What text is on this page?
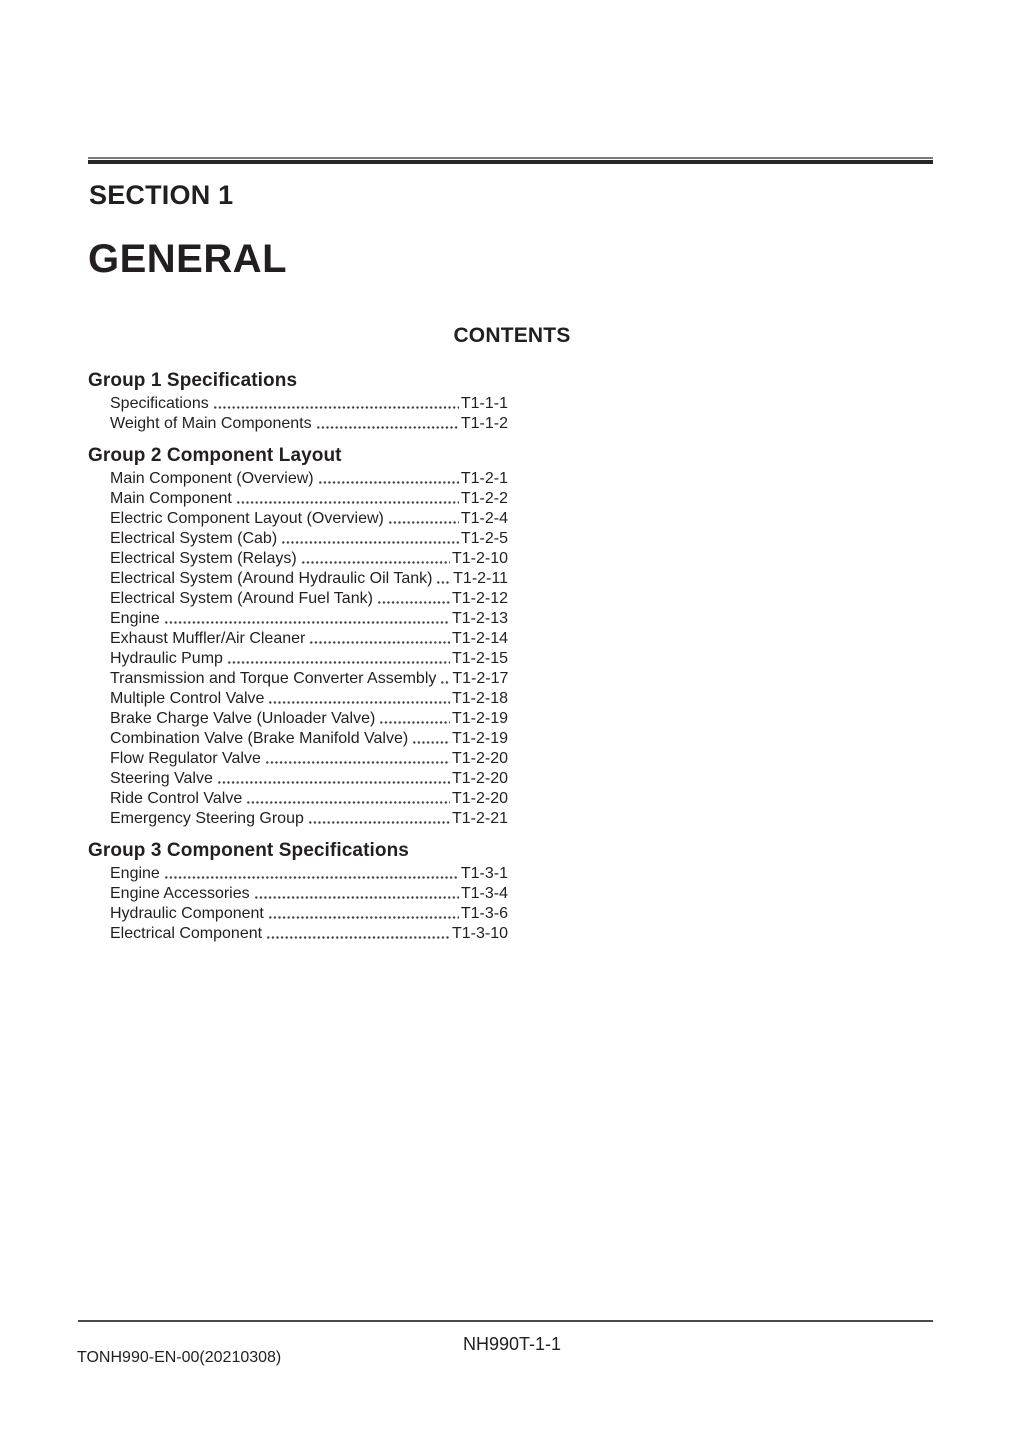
SECTION 1
GENERAL
CONTENTS
Group 1 Specifications
Specifications	T1-1-1
Weight of Main Components	T1-1-2
Group 2 Component Layout
Main Component (Overview)	T1-2-1
Main Component	T1-2-2
Electric Component Layout (Overview)	T1-2-4
Electrical System (Cab)	T1-2-5
Electrical System (Relays)	T1-2-10
Electrical System (Around Hydraulic Oil Tank) T1-2-11
Electrical System (Around Fuel Tank)	T1-2-12
Engine	T1-2-13
Exhaust Muffler/Air Cleaner	T1-2-14
Hydraulic Pump	T1-2-15
Transmission and Torque Converter Assembly T1-2-17
Multiple Control Valve	T1-2-18
Brake Charge Valve (Unloader Valve)	T1-2-19
Combination Valve (Brake Manifold Valve)	T1-2-19
Flow Regulator Valve	T1-2-20
Steering Valve	T1-2-20
Ride Control Valve	T1-2-20
Emergency Steering Group	T1-2-21
Group 3 Component Specifications
Engine	T1-3-1
Engine Accessories	T1-3-4
Hydraulic Component	T1-3-6
Electrical Component	T1-3-10
NH990T-1-1
TONH990-EN-00(20210308)
